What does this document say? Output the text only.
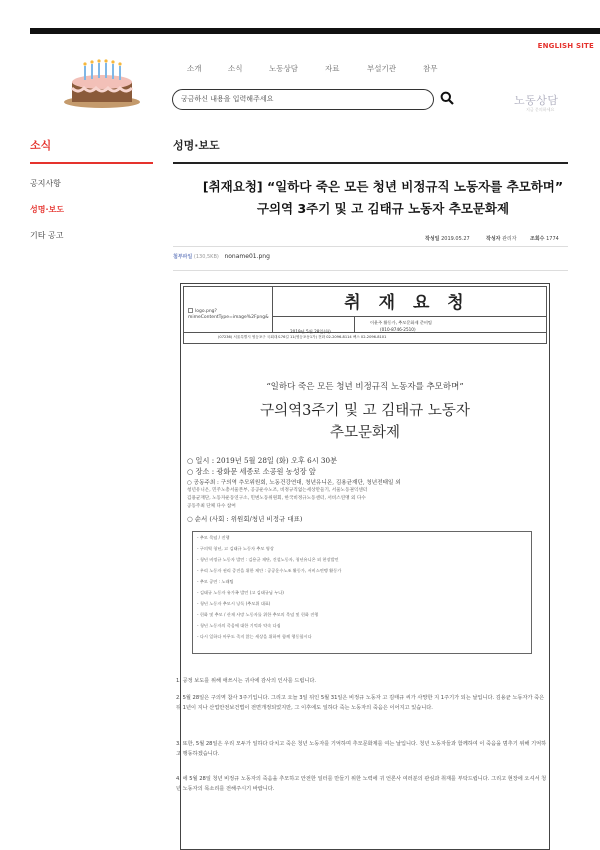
ENGLISH SITE
소개	소식	노동상담	자료	부설기관	참무
궁금하신 내용을 입력해주세요	노동상담
지금 문의하세요
소식	성명·보도
공지사항
성명·보도
기타 공고
[취재요청] “일하다 죽은 모든 청년 비정규직 노동자를 추모하며”
구의역 3주기 및 고 김태규 노동자 추모문화제
작성일 2019.05.27	작성자 관리자	조회수 1774
첨부파일 (130,5KB) noname01.png
logo.png?
mimeContentType=image%2Fpng&
취 재 요 청
2019년 5월 28일(화)
이윤주 활동가, 추모문화제 준비팀
(010-8746-2510)
(07236) 서울특별시 영등포구 국회대로76길 11(영등포동1가) 전화 02-2096-8114 팩스 02-2096-8101
“일하다 죽은 모든 청년 비정규직 노동자를 추모하며”
구의역3주기 및 고 김태규 노동자
추모문화제
○ 일시 : 2019년 5월 28일 (화) 오후 6시 30분
○ 장소 : 광화문 세종로 소공원 농성장 앞
○ 공동주최 : 구의역 추모위원회, 노동건강연대, 청년유니온, 김용균재단, 청년전태일 외
청년유니온, 민주노총서울본부, 공공운수노조, 비정규직없는세상만들기, 서울노동권익센터
김용균재단, 노동자운동연구소, 민변노동위원회, 한국비정규노동센터, 서비스연맹 외 다수
공동주최 단체 다수 참여
○ 순서 (사회 : 위원회/청년 비정규 대표)
- 추모 묵념 / 진행
- 구의역 청년, 고 김태규 노동자 추모 영상
- 청년 비정규 노동자 발언 : 김용균 재단, 건설노동자, 청년유니온 외 현장발언
- 우리 노동자 권리 증진을 위한 제안 : 공공운수노조 활동가, 서비스연맹 활동가
- 추모 공연 : 노래팀
- 김태규 노동자 유가족 발언 (고 김태규님 누나)
- 청년 노동자 추모시 낭독 (추모위 대표)
- 헌화 및 추모 / 산재 사망 노동자를 위한 추모의 묵념 및 헌화 진행
- 청년 노동자의 죽음에 대한 기억과 약속 다짐
- 다시 일하다 아무도 죽지 않는 세상을 위하여 함께 행동합시다
1. 공정 보도를 위해 애쓰시는 귀사에 감사의 인사를 드립니다.
2. 5월 28일은 구의역 참사 3주기입니다. 그리고 오늘 3일 뒤인 5월 31일은 비정규 노동자 고 김태규 씨가 사망한 지 1주기가 되는 날입니다. 김용균 노동자가 죽은 뒤 1년이 지나 산업안전보건법이 전면개정되었지만, 그 이후에도 일하다 죽는 노동자의 죽음은 이어지고 있습니다.
3. 또한, 5월 28일은 우리 모두가 일하다 다치고 죽은 청년 노동자를 기억하며 추모문화제를 여는 날입니다. 청년 노동자들과 함께하여 이 죽음을 멈추기 위해 기억하고 행동하겠습니다.
4. 에 5월 28일 청년 비정규 노동자의 죽음을 추모하고 안전한 일터를 만들기 위한 노력에 귀 언론사 여러분의 관심과 취재를 부탁드립니다. 그리고 현장에 오셔서 청년 노동자의 목소리를 전해주시기 바랍니다.
